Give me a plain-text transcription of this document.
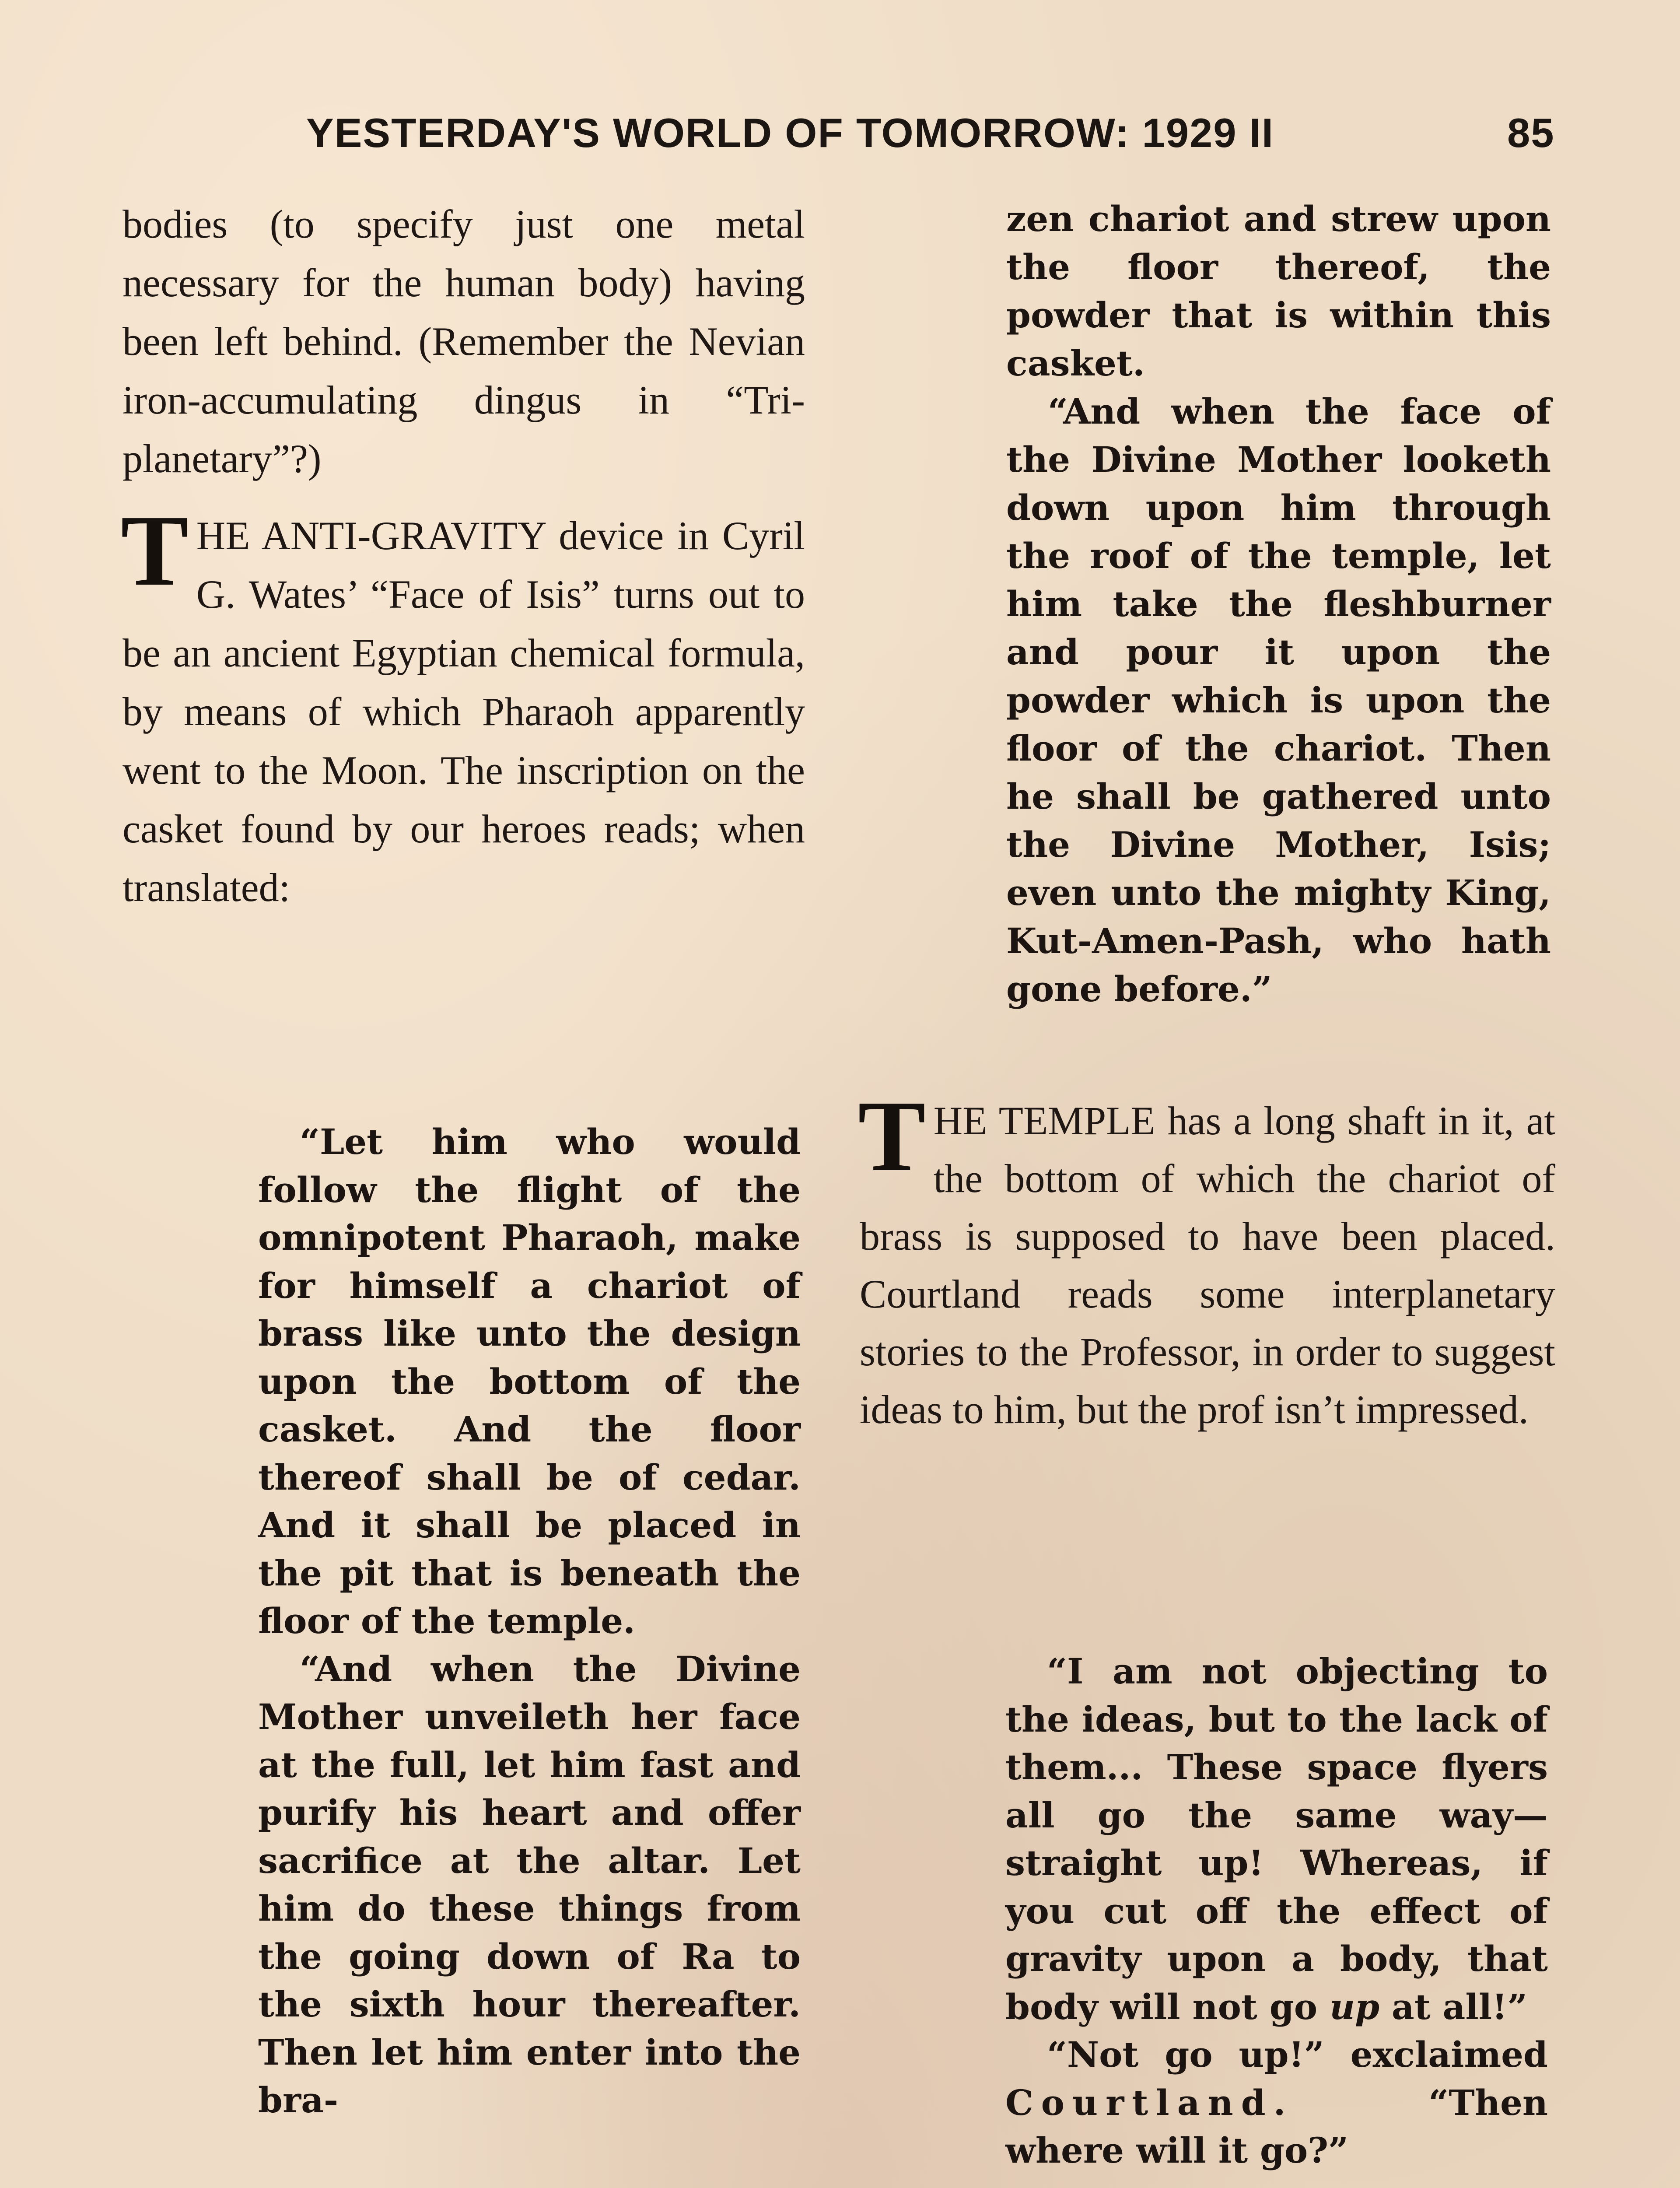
YESTERDAY'S WORLD OF TOMORROW: 1929 II	85

bodies (to specify just one metal necessary for the human body) having been left behind. (Remember the Nevian iron-accumulating dingus in “Tri-planetary”?)

THE ANTI-GRAVITY device in Cyril G. Wates’ “Face of Isis” turns out to be an ancient Egyptian chemical formula, by means of which Pharaoh apparently went to the Moon. The inscription on the casket found by our heroes reads; when translated:

“Let him who would follow the flight of the omnipotent Pharaoh, make for himself a chariot of brass like unto the design upon the bottom of the casket. And the floor thereof shall be of cedar. And it shall be placed in the pit that is beneath the floor of the temple.

“And when the Divine Mother unveileth her face at the full, let him fast and purify his heart and offer sacrifice at the altar. Let him do these things from the going down of Ra to the sixth hour thereafter. Then let him enter into the bra-

zen chariot and strew upon the floor thereof, the powder that is within this casket.

“And when the face of the Divine Mother looketh down upon him through the roof of the temple, let him take the fleshburner and pour it upon the powder which is upon the floor of the chariot. Then he shall be gathered unto the Divine Mother, Isis; even unto the mighty King, Kut-Amen-Pash, who hath gone before.”

THE TEMPLE has a long shaft in it, at the bottom of which the chariot of brass is supposed to have been placed. Courtland reads some interplanetary stories to the Professor, in order to suggest ideas to him, but the prof isn’t impressed.

“I am not objecting to the ideas, but to the lack of them... These space flyers all go the same way—straight up! Whereas, if you cut off the effect of gravity upon a body, that body will not go up at all!”

“Not go up!” exclaimed Courtland. “Then where will it go?”
